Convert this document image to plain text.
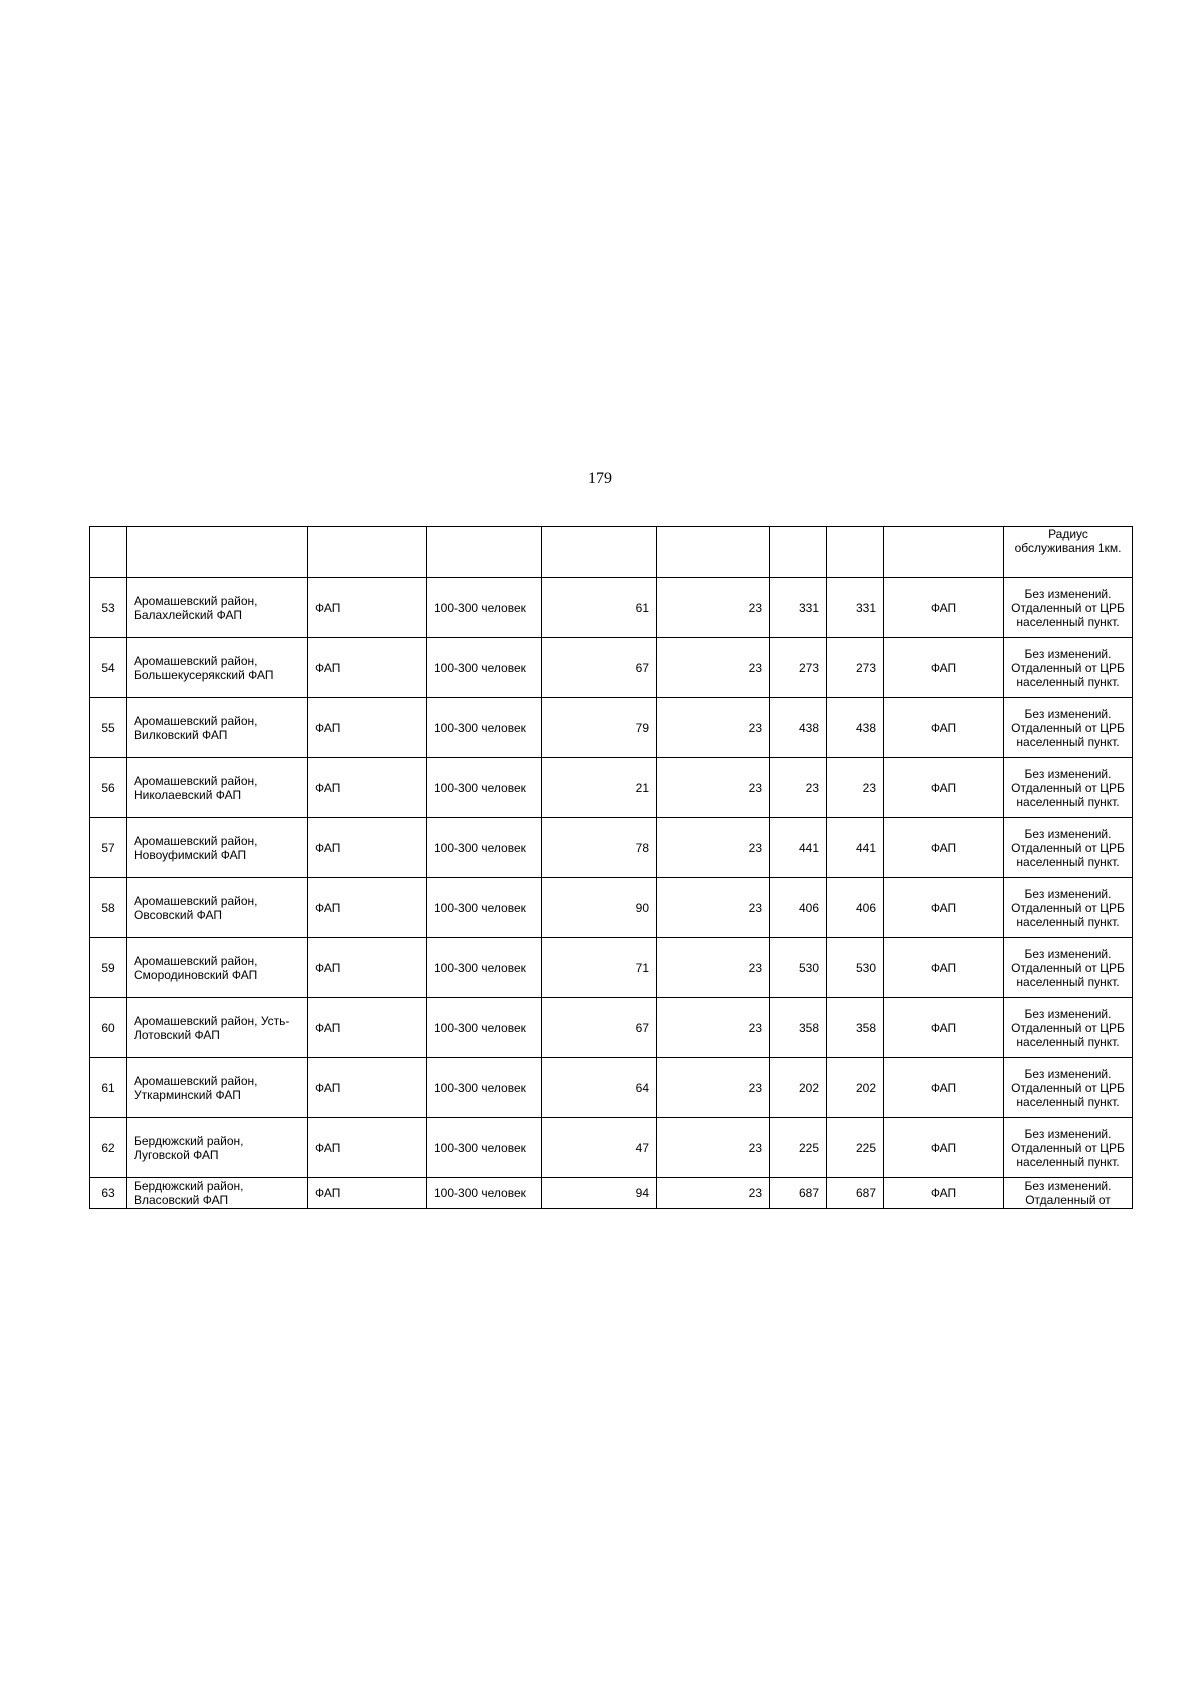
179
									Радиус обслуживания 1км.
53	Аромашевский район, Балахлейский ФАП	ФАП	100-300 человек	61	23	331	331	ФАП	Без изменений. Отдаленный от ЦРБ населенный пункт.

54	Аромашевский район, Большекусерякский ФАП	ФАП	100-300 человек	67	23	273	273	ФАП	Без изменений. Отдаленный от ЦРБ населенный пункт.

55	Аромашевский район, Вилковский ФАП	ФАП	100-300 человек	79	23	438	438	ФАП	Без изменений. Отдаленный от ЦРБ населенный пункт.

56	Аромашевский район, Николаевский ФАП	ФАП	100-300 человек	21	23	23	23	ФАП	Без изменений. Отдаленный от ЦРБ населенный пункт.

57	Аромашевский район, Новоуфимский ФАП	ФАП	100-300 человек	78	23	441	441	ФАП	Без изменений. Отдаленный от ЦРБ населенный пункт.

58	Аромашевский район, Овсовский ФАП	ФАП	100-300 человек	90	23	406	406	ФАП	Без изменений. Отдаленный от ЦРБ населенный пункт.

59	Аромашевский район, Смородиновский ФАП	ФАП	100-300 человек	71	23	530	530	ФАП	Без изменений. Отдаленный от ЦРБ населенный пункт.

60	Аромашевский район, Усть-Лотовский ФАП	ФАП	100-300 человек	67	23	358	358	ФАП	Без изменений. Отдаленный от ЦРБ населенный пункт.

61	Аромашевский район, Уткарминский ФАП	ФАП	100-300 человек	64	23	202	202	ФАП	Без изменений. Отдаленный от ЦРБ населенный пункт.

62	Бердюжский район, Луговской ФАП	ФАП	100-300 человек	47	23	225	225	ФАП	Без изменений. Отдаленный от ЦРБ населенный пункт.

63	Бердюжский район, Власовский ФАП	ФАП	100-300 человек	94	23	687	687	ФАП	Без изменений. Отдаленный от
